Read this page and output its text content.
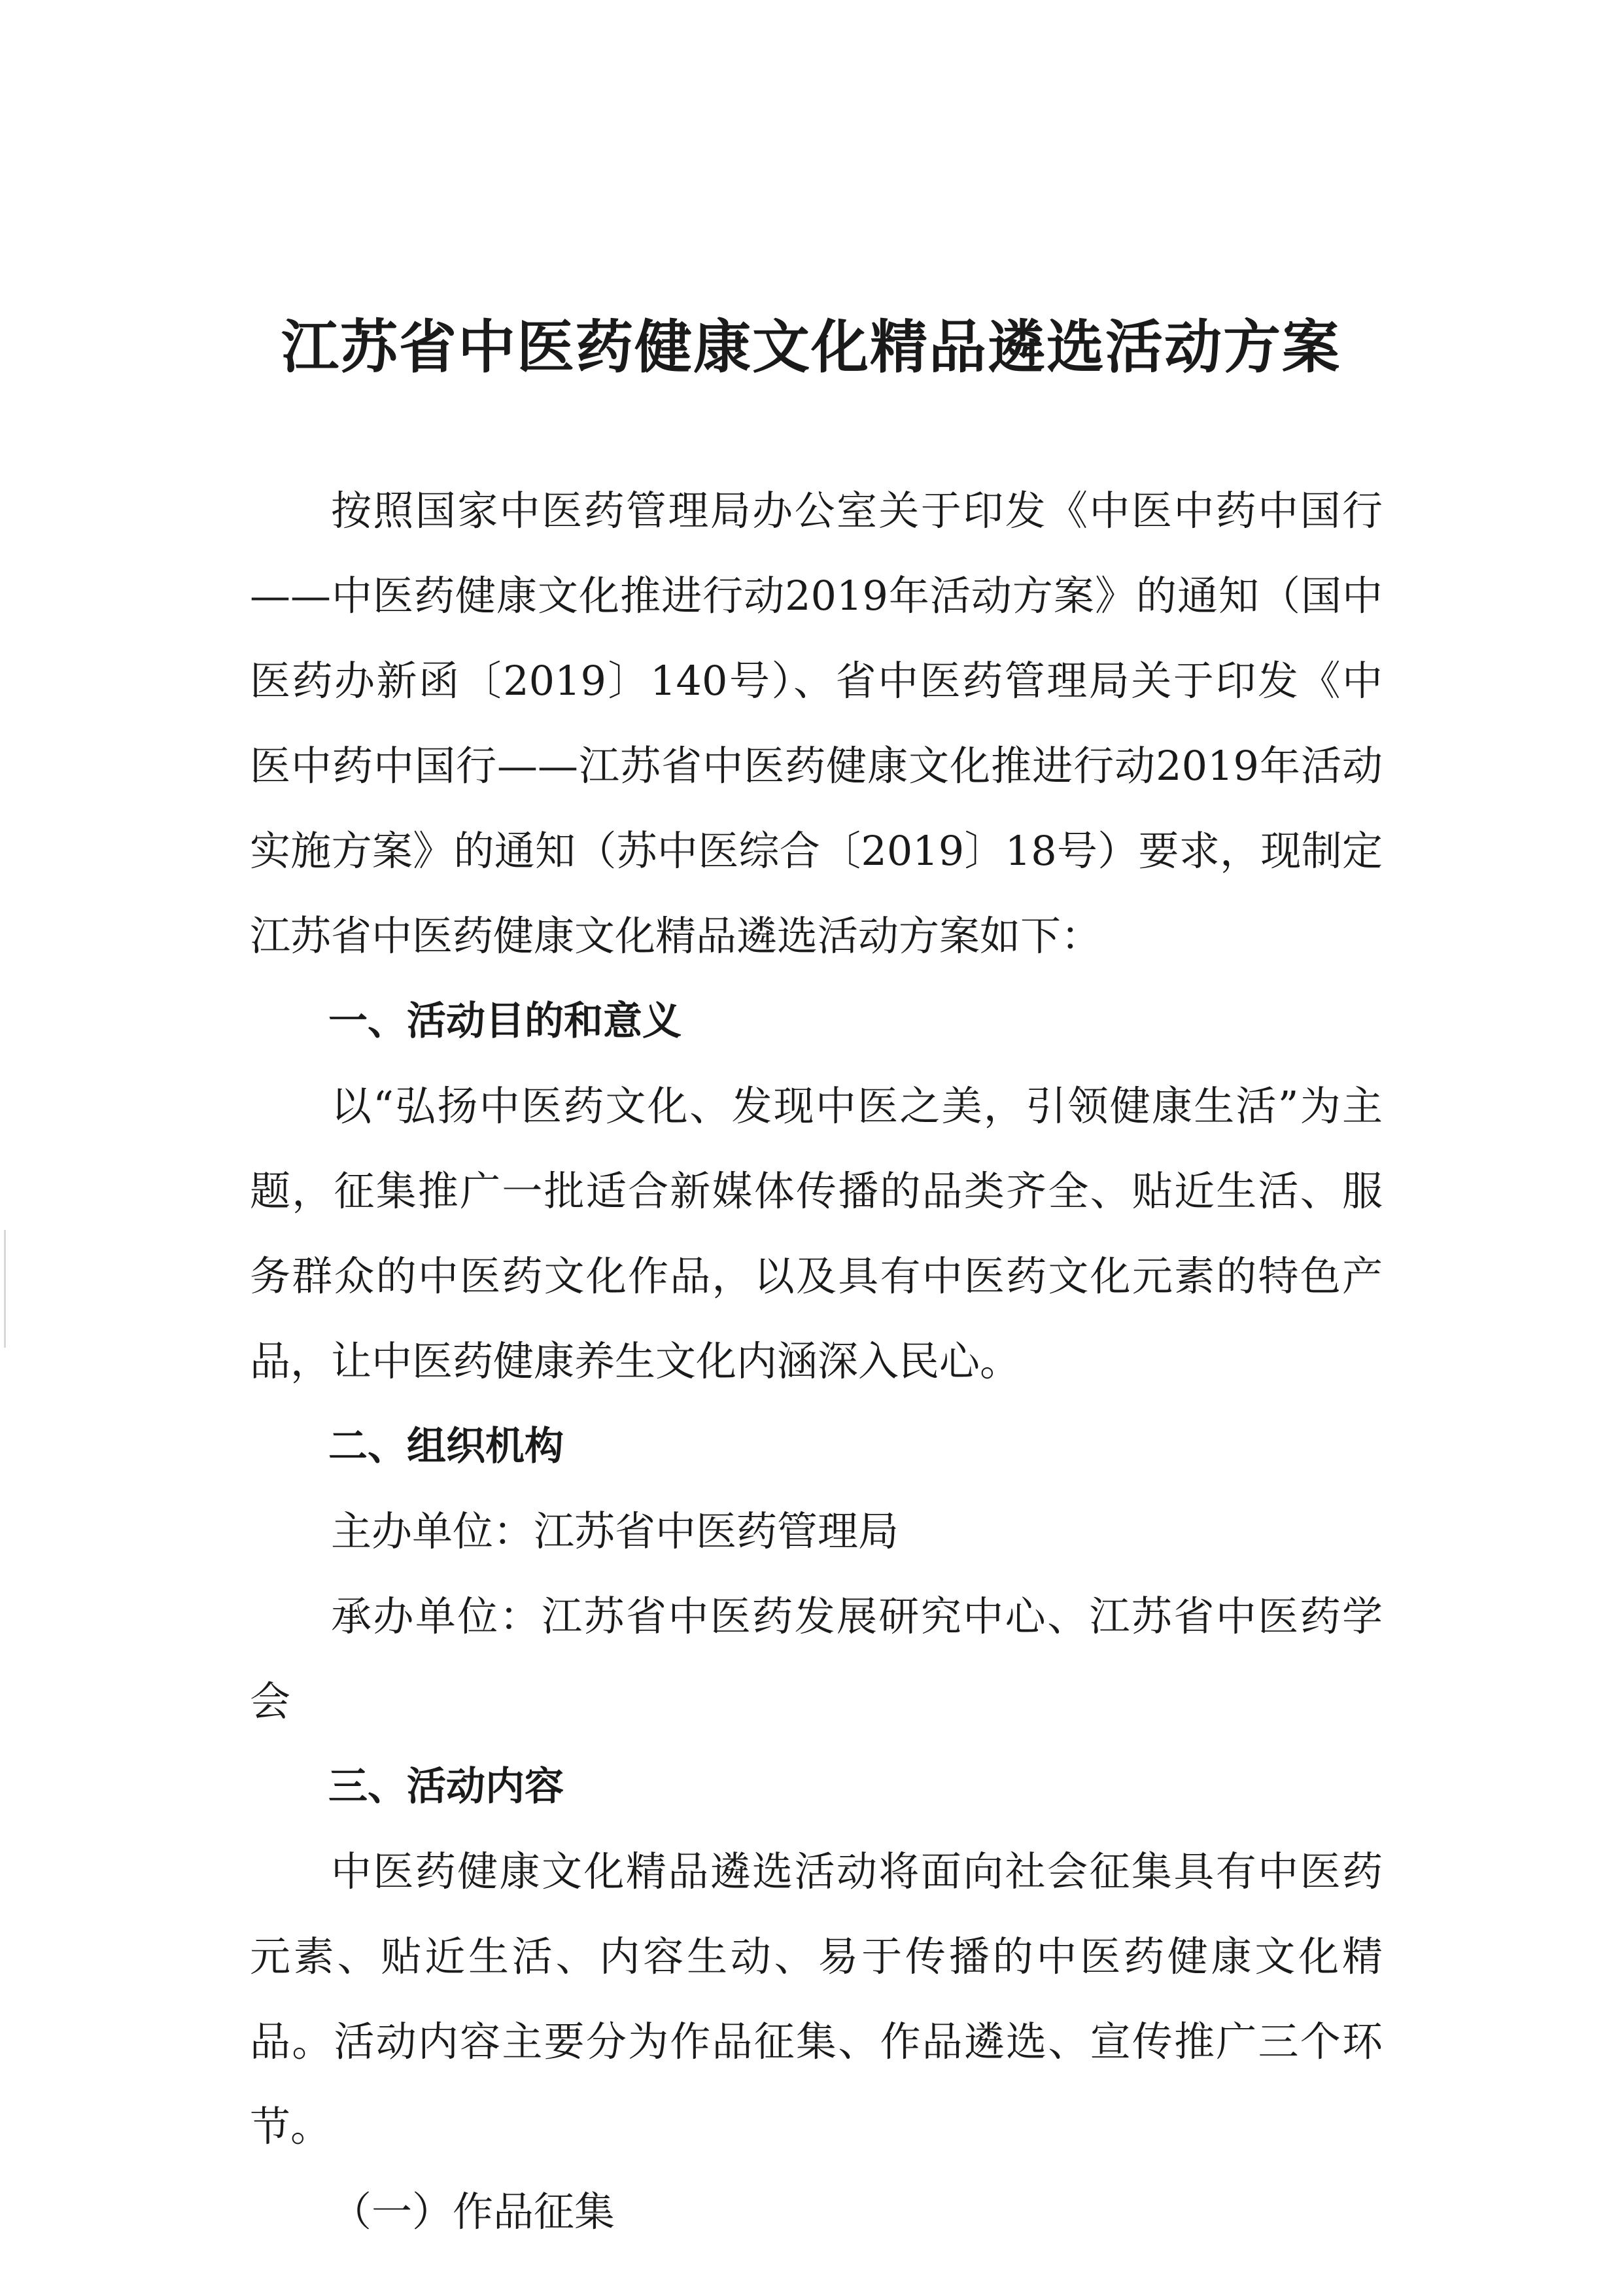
江苏省中医药健康文化精品遴选活动方案

按照国家中医药管理局办公室关于印发《中医中药中国行——中医药健康文化推进行动2019年活动方案》的通知（国中医药办新函〔2019〕140号）、省中医药管理局关于印发《中医中药中国行——江苏省中医药健康文化推进行动2019年活动实施方案》的通知（苏中医综合〔2019〕18号）要求，现制定江苏省中医药健康文化精品遴选活动方案如下：

一、活动目的和意义

以“弘扬中医药文化、发现中医之美，引领健康生活”为主题，征集推广一批适合新媒体传播的品类齐全、贴近生活、服务群众的中医药文化作品，以及具有中医药文化元素的特色产品，让中医药健康养生文化内涵深入民心。

二、组织机构

主办单位：江苏省中医药管理局

承办单位：江苏省中医药发展研究中心、江苏省中医药学会

三、活动内容

中医药健康文化精品遴选活动将面向社会征集具有中医药元素、贴近生活、内容生动、易于传播的中医药健康文化精品。活动内容主要分为作品征集、作品遴选、宣传推广三个环节。

（一）作品征集
